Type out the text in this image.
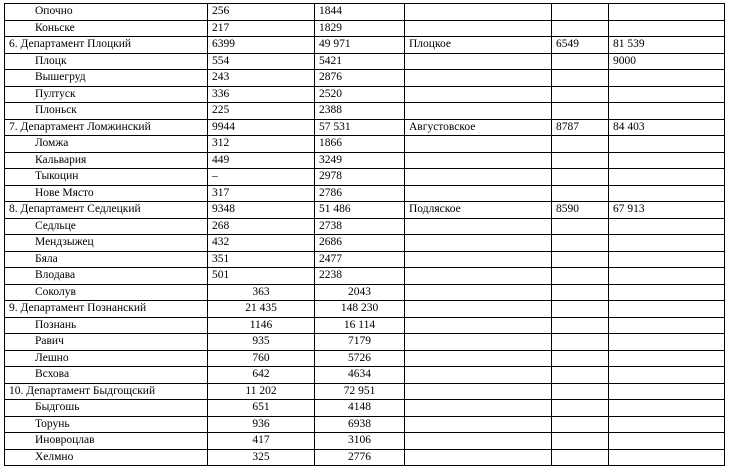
Опочно	256	1844			
Коньске	217	1829			
6. Департамент Плоцкий	6399	49 971	Плоцкое	6549	81 539
Плоцк	554	5421			9000
Вышегруд	243	2876			
Пултуск	336	2520			
Плоньск	225	2388			
7. Департамент Ломжинский	9944	57 531	Августовское	8787	84 403
Ломжа	312	1866			
Кальвария	449	3249			
Тыкоцин	–	2978			
Нове Място	317	2786			
8. Департамент Седлецкий	9348	51 486	Подляское	8590	67 913
Седльце	268	2738			
Мендзыжец	432	2686			
Бяла	351	2477			
Влодава	501	2238			
Соколув	363	2043			
9. Департамент Познанский	21 435	148 230			
Познань	1146	16 114			
Равич	935	7179			
Лешно	760	5726			
Всхова	642	4634			
10. Департамент Быдгощский	11 202	72 951			
Быдгошь	651	4148			
Торунь	936	6938			
Иновроцлав	417	3106			
Хелмно	325	2776			
